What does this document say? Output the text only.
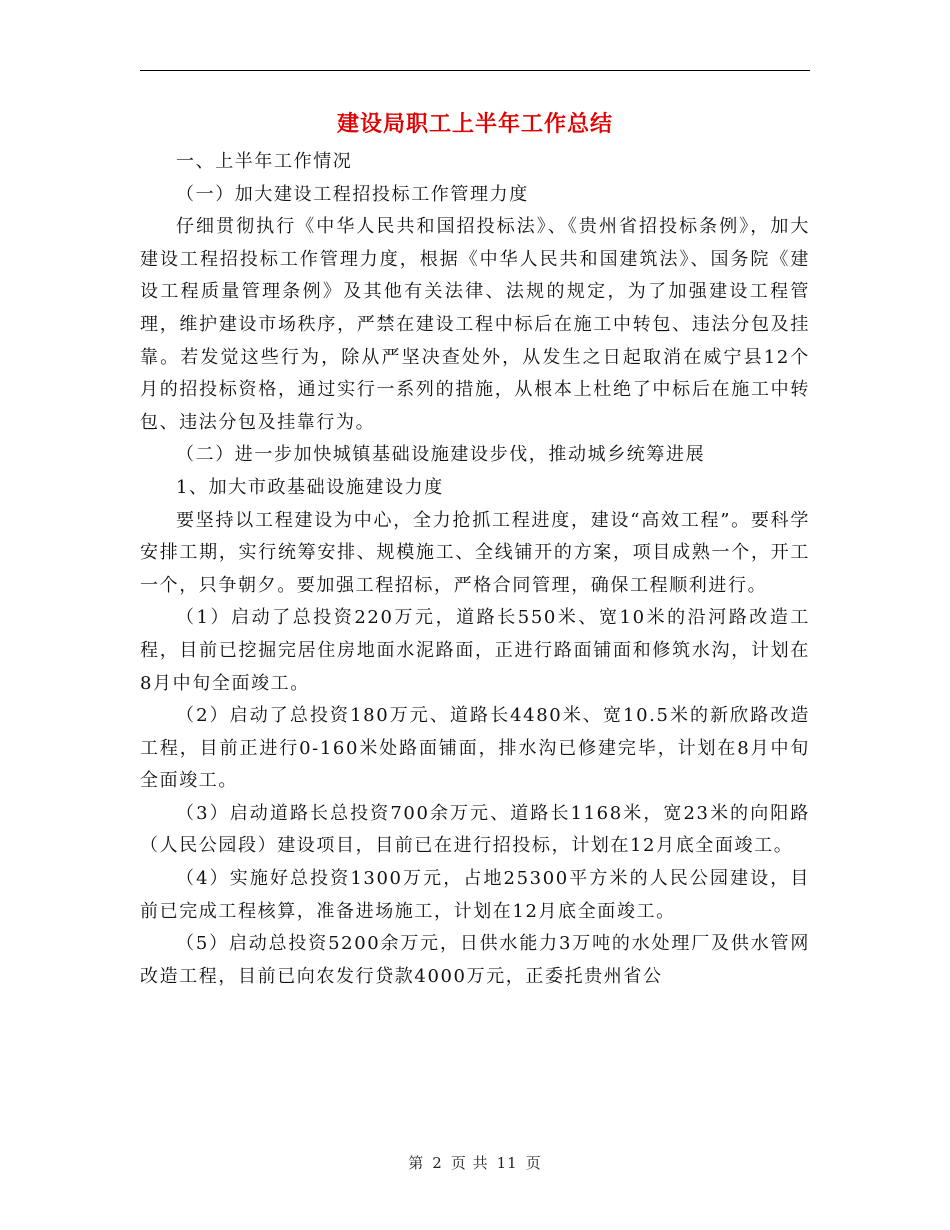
建设局职工上半年工作总结

一、上半年工作情况

（一）加大建设工程招投标工作管理力度

仔细贯彻执行《中华人民共和国招投标法》、《贵州省招投标条例》，加大建设工程招投标工作管理力度，根据《中华人民共和国建筑法》、国务院《建设工程质量管理条例》及其他有关法律、法规的规定，为了加强建设工程管理，维护建设市场秩序，严禁在建设工程中标后在施工中转包、违法分包及挂靠。若发觉这些行为，除从严坚决查处外，从发生之日起取消在威宁县12个月的招投标资格，通过实行一系列的措施，从根本上杜绝了中标后在施工中转包、违法分包及挂靠行为。

（二）进一步加快城镇基础设施建设步伐，推动城乡统筹进展

1、加大市政基础设施建设力度

要坚持以工程建设为中心，全力抢抓工程进度，建设“高效工程”。要科学安排工期，实行统筹安排、规模施工、全线铺开的方案，项目成熟一个，开工一个，只争朝夕。要加强工程招标，严格合同管理，确保工程顺利进行。

（1）启动了总投资220万元，道路长550米、宽10米的沿河路改造工程，目前已挖掘完居住房地面水泥路面，正进行路面铺面和修筑水沟，计划在8月中旬全面竣工。

（2）启动了总投资180万元、道路长4480米、宽10.5米的新欣路改造工程，目前正进行0-160米处路面铺面，排水沟已修建完毕，计划在8月中旬全面竣工。

（3）启动道路长总投资700余万元、道路长1168米，宽23米的向阳路（人民公园段）建设项目，目前已在进行招投标，计划在12月底全面竣工。

（4）实施好总投资1300万元，占地25300平方米的人民公园建设，目前已完成工程核算，准备进场施工，计划在12月底全面竣工。

（5）启动总投资5200余万元，日供水能力3万吨的水处理厂及供水管网改造工程，目前已向农发行贷款4000万元，正委托贵州省公

第 2 页 共 11 页
